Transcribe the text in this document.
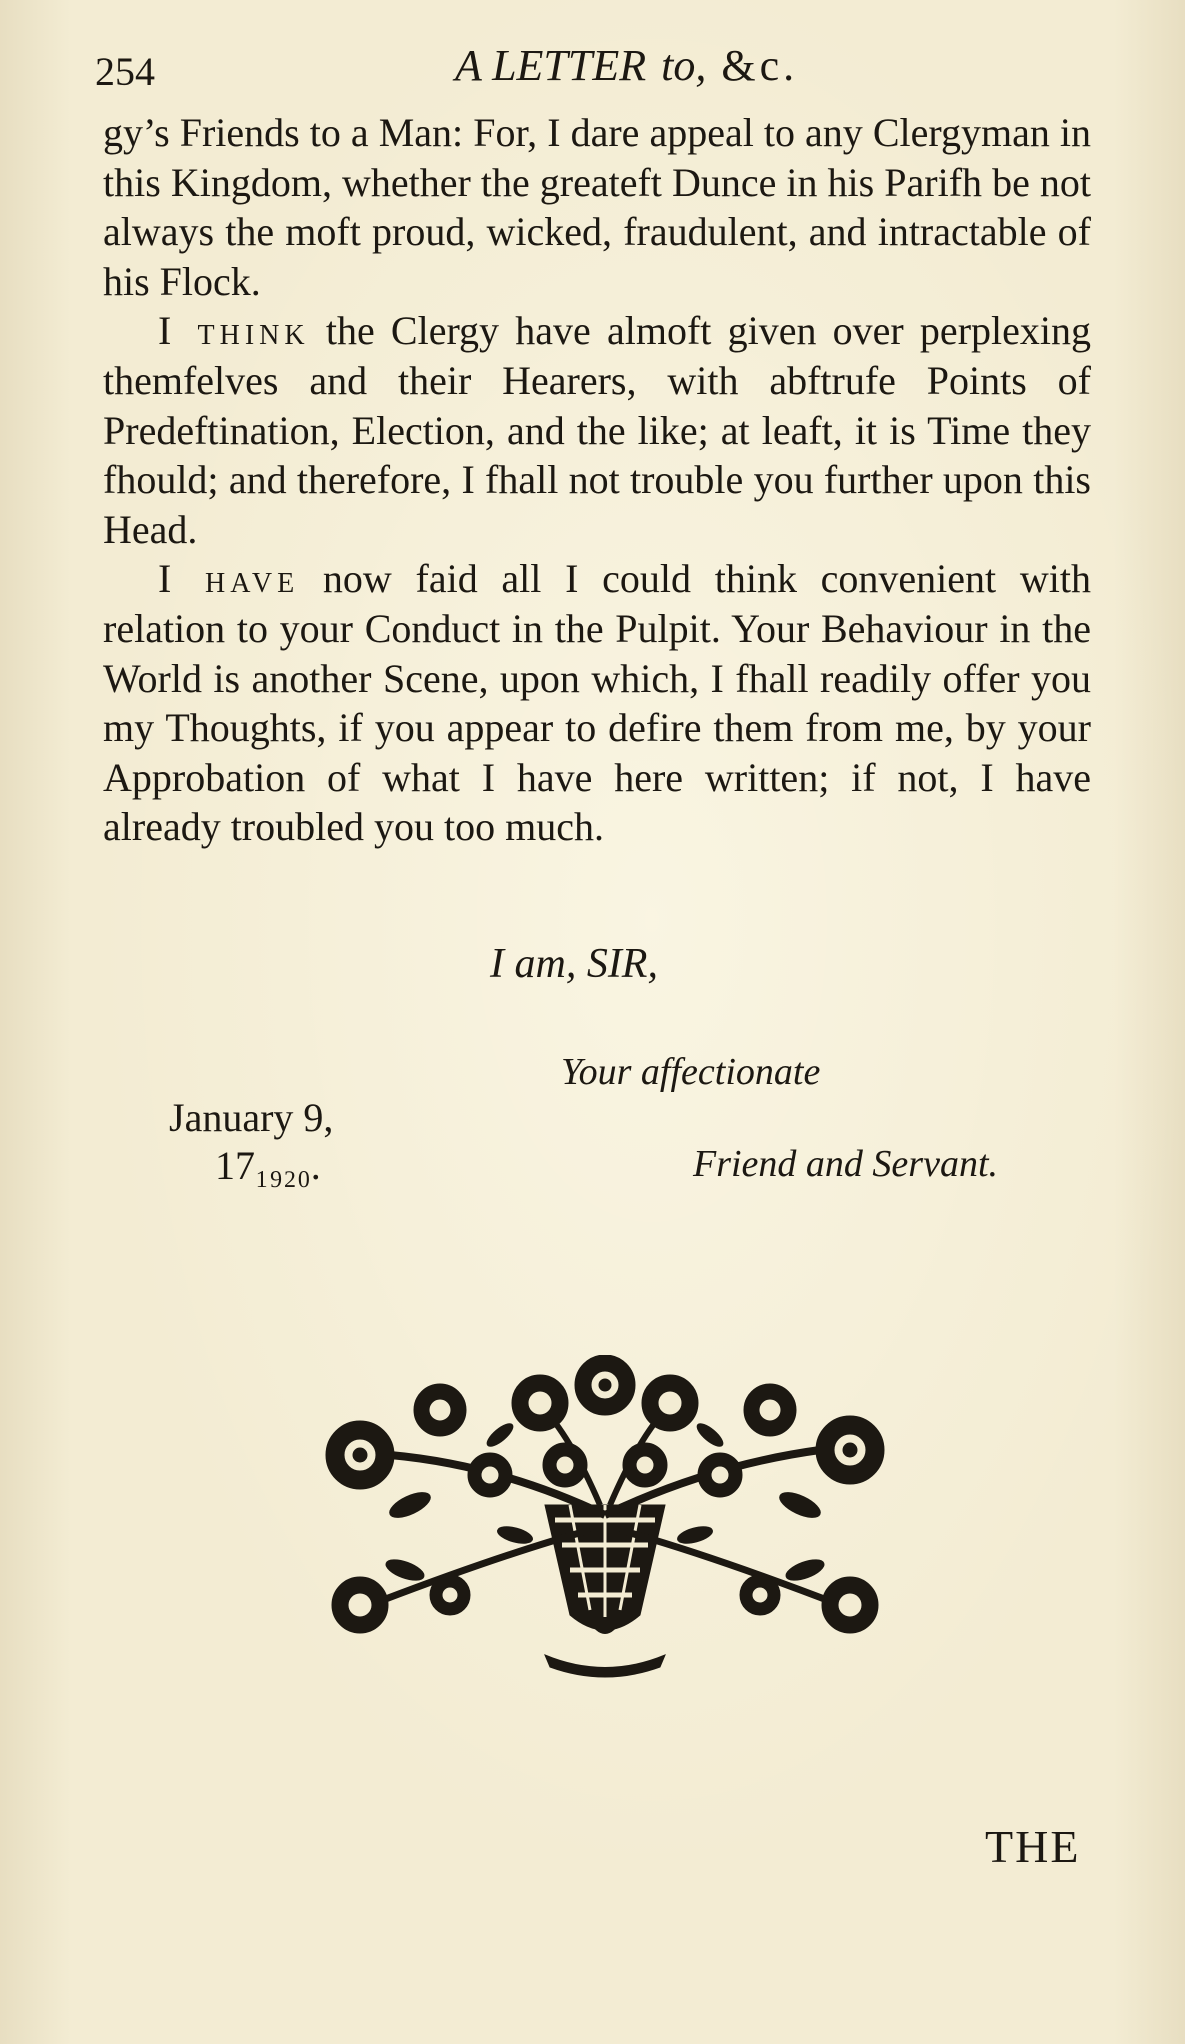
254	A LETTER to, &c.

gy’s Friends to a Man: For, I dare appeal to any Clergyman in this Kingdom, whether the greateft Dunce in his Parifh be not always the moft proud, wicked, fraudulent, and intractable of his Flock.

I think the Clergy have almoft given over perplexing themfelves and their Hearers, with abftrufe Points of Predeftination, Election, and the like; at leaft, it is Time they fhould; and therefore, I fhall not trouble you further upon this Head.

I have now faid all I could think convenient with relation to your Conduct in the Pulpit. Your Behaviour in the World is another Scene, upon which, I fhall readily offer you my Thoughts, if you appear to defire them from me, by your Approbation of what I have here written; if not, I have already troubled you too much.

I am, SIR,
Your affectionate
January 9,
17₁₉₂₀.	Friend and Servant.
THE
